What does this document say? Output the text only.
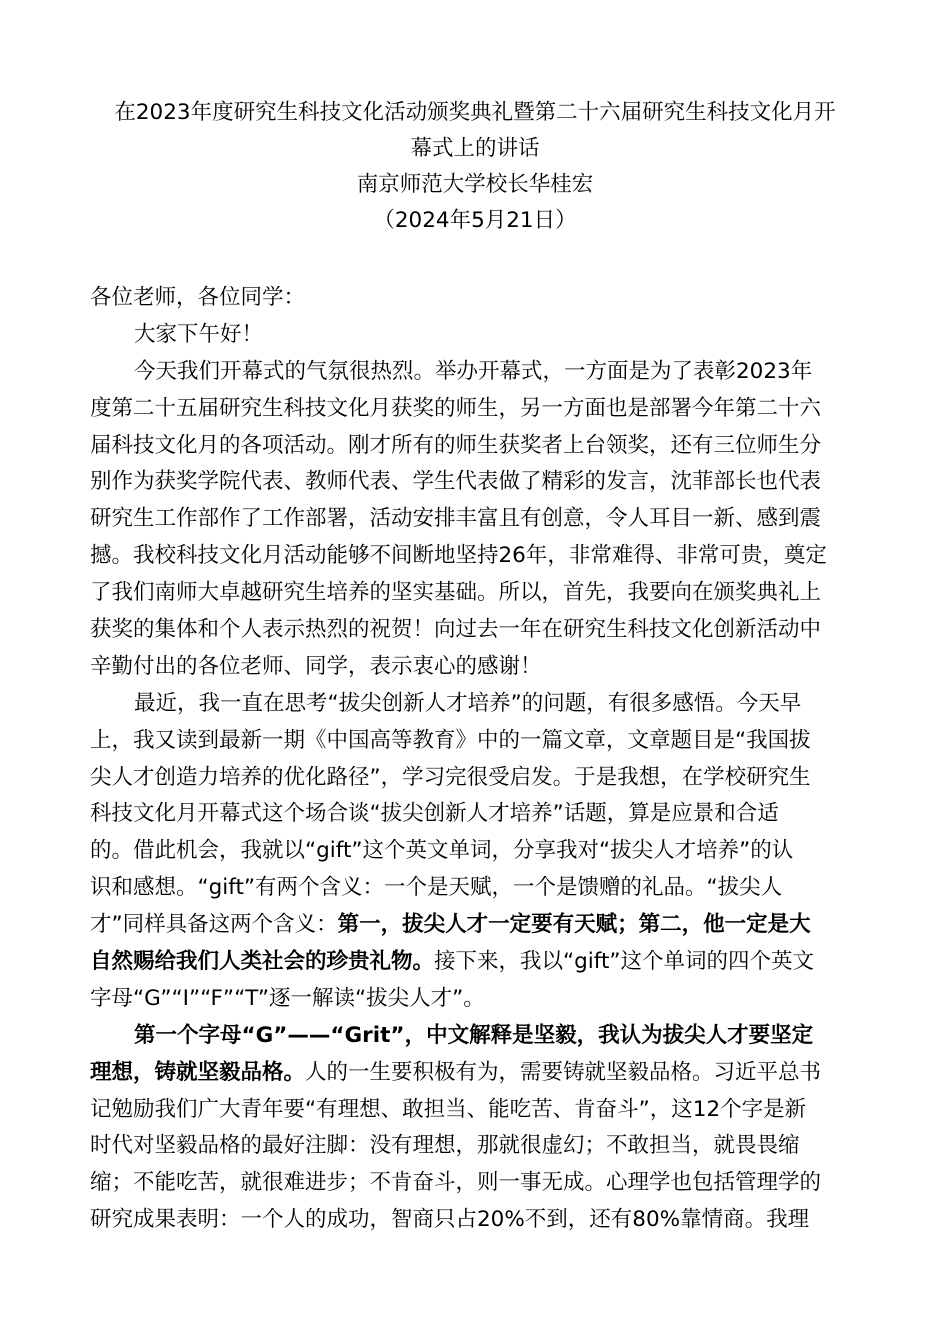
在2023年度研究生科技文化活动颁奖典礼暨第二十六届研究生科技文化月开
幕式上的讲话
南京师范大学校长华桂宏
（2024年5月21日）
各位老师，各位同学：
大家下午好！
今天我们开幕式的气氛很热烈。举办开幕式，一方面是为了表彰2023年
度第二十五届研究生科技文化月获奖的师生，另一方面也是部署今年第二十六
届科技文化月的各项活动。刚才所有的师生获奖者上台领奖，还有三位师生分
别作为获奖学院代表、教师代表、学生代表做了精彩的发言，沈菲部长也代表
研究生工作部作了工作部署，活动安排丰富且有创意，令人耳目一新、感到震
撼。我校科技文化月活动能够不间断地坚持26年，非常难得、非常可贵，奠定
了我们南师大卓越研究生培养的坚实基础。所以，首先，我要向在颁奖典礼上
获奖的集体和个人表示热烈的祝贺！向过去一年在研究生科技文化创新活动中
辛勤付出的各位老师、同学，表示衷心的感谢！
最近，我一直在思考“拔尖创新人才培养”的问题，有很多感悟。今天早
上，我又读到最新一期《中国高等教育》中的一篇文章，文章题目是“我国拔
尖人才创造力培养的优化路径”，学习完很受启发。于是我想，在学校研究生
科技文化月开幕式这个场合谈“拔尖创新人才培养”话题，算是应景和合适
的。借此机会，我就以“gift”这个英文单词，分享我对“拔尖人才培养”的认
识和感想。“gift”有两个含义：一个是天赋，一个是馈赠的礼品。“拔尖人
才”同样具备这两个含义：第一，拔尖人才一定要有天赋；第二，他一定是大
自然赐给我们人类社会的珍贵礼物。接下来，我以“gift”这个单词的四个英文
字母“G”“I”“F”“T”逐一解读“拔尖人才”。
第一个字母“G”——“Grit”，中文解释是坚毅，我认为拔尖人才要坚定
理想，铸就坚毅品格。人的一生要积极有为，需要铸就坚毅品格。习近平总书
记勉励我们广大青年要“有理想、敢担当、能吃苦、肯奋斗”，这12个字是新
时代对坚毅品格的最好注脚：没有理想，那就很虚幻；不敢担当，就畏畏缩
缩；不能吃苦，就很难进步；不肯奋斗，则一事无成。心理学也包括管理学的
研究成果表明：一个人的成功，智商只占20%不到，还有80%靠情商。我理
